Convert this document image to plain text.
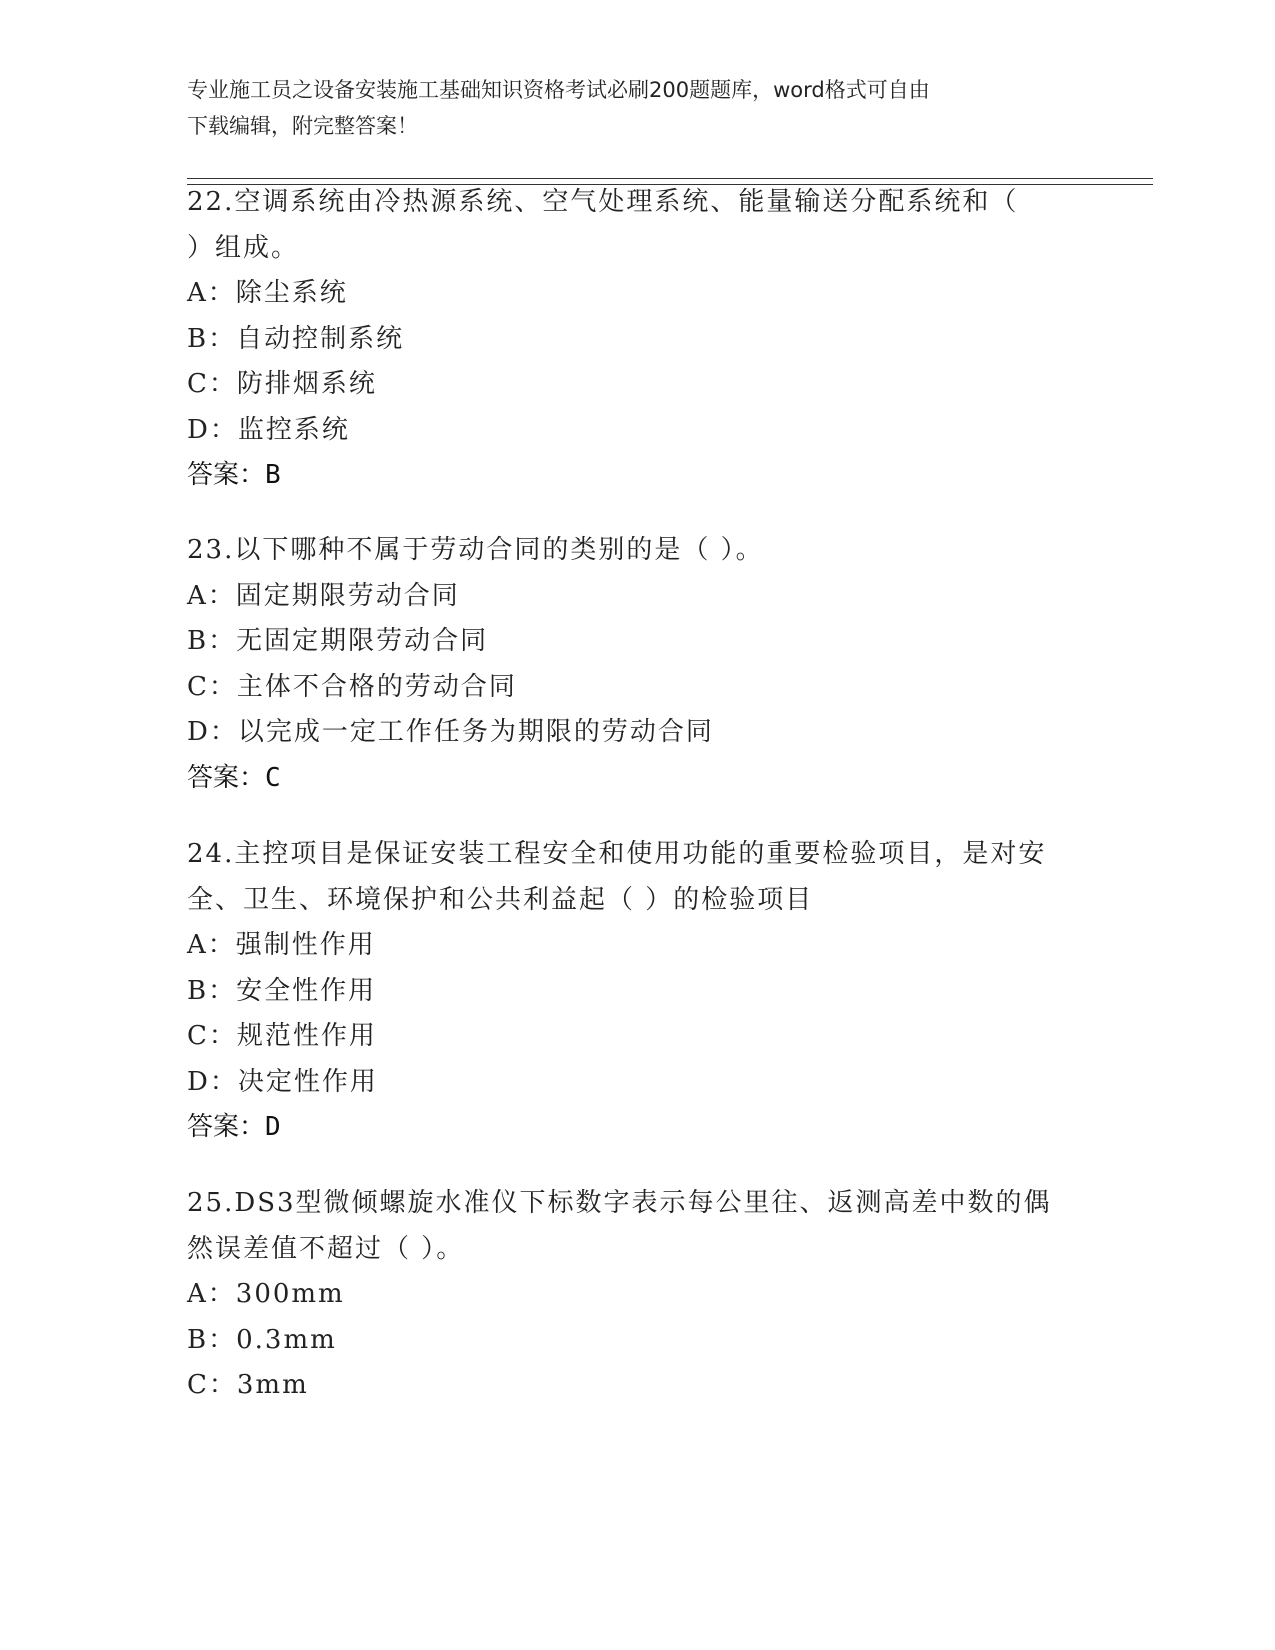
专业施工员之设备安装施工基础知识资格考试必刷200题题库，word格式可自由
下载编辑，附完整答案！
22.空调系统由冷热源系统、空气处理系统、能量输送分配系统和（
）组成。
A：除尘系统
B：自动控制系统
C：防排烟系统
D：监控系统
答案：B
23.以下哪种不属于劳动合同的类别的是（ ）。
A：固定期限劳动合同
B：无固定期限劳动合同
C：主体不合格的劳动合同
D：以完成一定工作任务为期限的劳动合同
答案：C
24.主控项目是保证安装工程安全和使用功能的重要检验项目，是对安
全、卫生、环境保护和公共利益起（ ）的检验项目
A：强制性作用
B：安全性作用
C：规范性作用
D：决定性作用
答案：D
25.DS3型微倾螺旋水准仪下标数字表示每公里往、返测高差中数的偶
然误差值不超过（ ）。
A：300mm
B：0.3mm
C：3mm
